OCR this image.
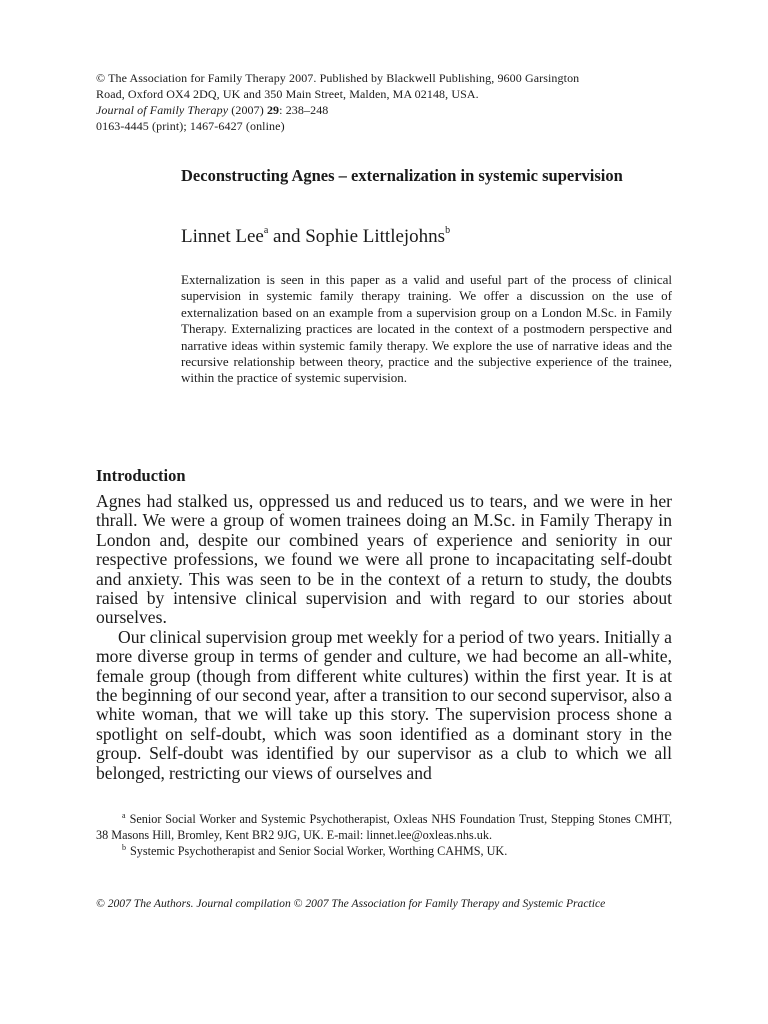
© The Association for Family Therapy 2007. Published by Blackwell Publishing, 9600 Garsington
Road, Oxford OX4 2DQ, UK and 350 Main Street, Malden, MA 02148, USA.
Journal of Family Therapy (2007) 29: 238–248
0163-4445 (print); 1467-6427 (online)
Deconstructing Agnes – externalization in systemic supervision
Linnet Lee$^a$ and Sophie Littlejohns$^b$
Externalization is seen in this paper as a valid and useful part of the process of clinical supervision in systemic family therapy training. We offer a discussion on the use of externalization based on an example from a supervision group on a London M.Sc. in Family Therapy. Externalizing practices are located in the context of a postmodern perspective and narrative ideas within systemic family therapy. We explore the use of narrative ideas and the recursive relationship between theory, practice and the subjective experience of the trainee, within the practice of systemic supervision.
Introduction

Agnes had stalked us, oppressed us and reduced us to tears, and we were in her thrall. We were a group of women trainees doing an M.Sc. in Family Therapy in London and, despite our combined years of experience and seniority in our respective professions, we found we were all prone to incapacitating self-doubt and anxiety. This was seen to be in the context of a return to study, the doubts raised by intensive clinical supervision and with regard to our stories about ourselves.

Our clinical supervision group met weekly for a period of two years. Initially a more diverse group in terms of gender and culture, we had become an all-white, female group (though from different white cultures) within the first year. It is at the beginning of our second year, after a transition to our second supervisor, also a white woman, that we will take up this story. The supervision process shone a spotlight on self-doubt, which was soon identified as a dominant story in the group. Self-doubt was identified by our supervisor as a club to which we all belonged, restricting our views of ourselves and

$^a$ Senior Social Worker and Systemic Psychotherapist, Oxleas NHS Foundation Trust, Stepping Stones CMHT, 38 Masons Hill, Bromley, Kent BR2 9JG, UK. E-mail: linnet.lee@oxleas.nhs.uk.

$^b$ Systemic Psychotherapist and Senior Social Worker, Worthing CAHMS, UK.

© 2007 The Authors. Journal compilation © 2007 The Association for Family Therapy and Systemic Practice
